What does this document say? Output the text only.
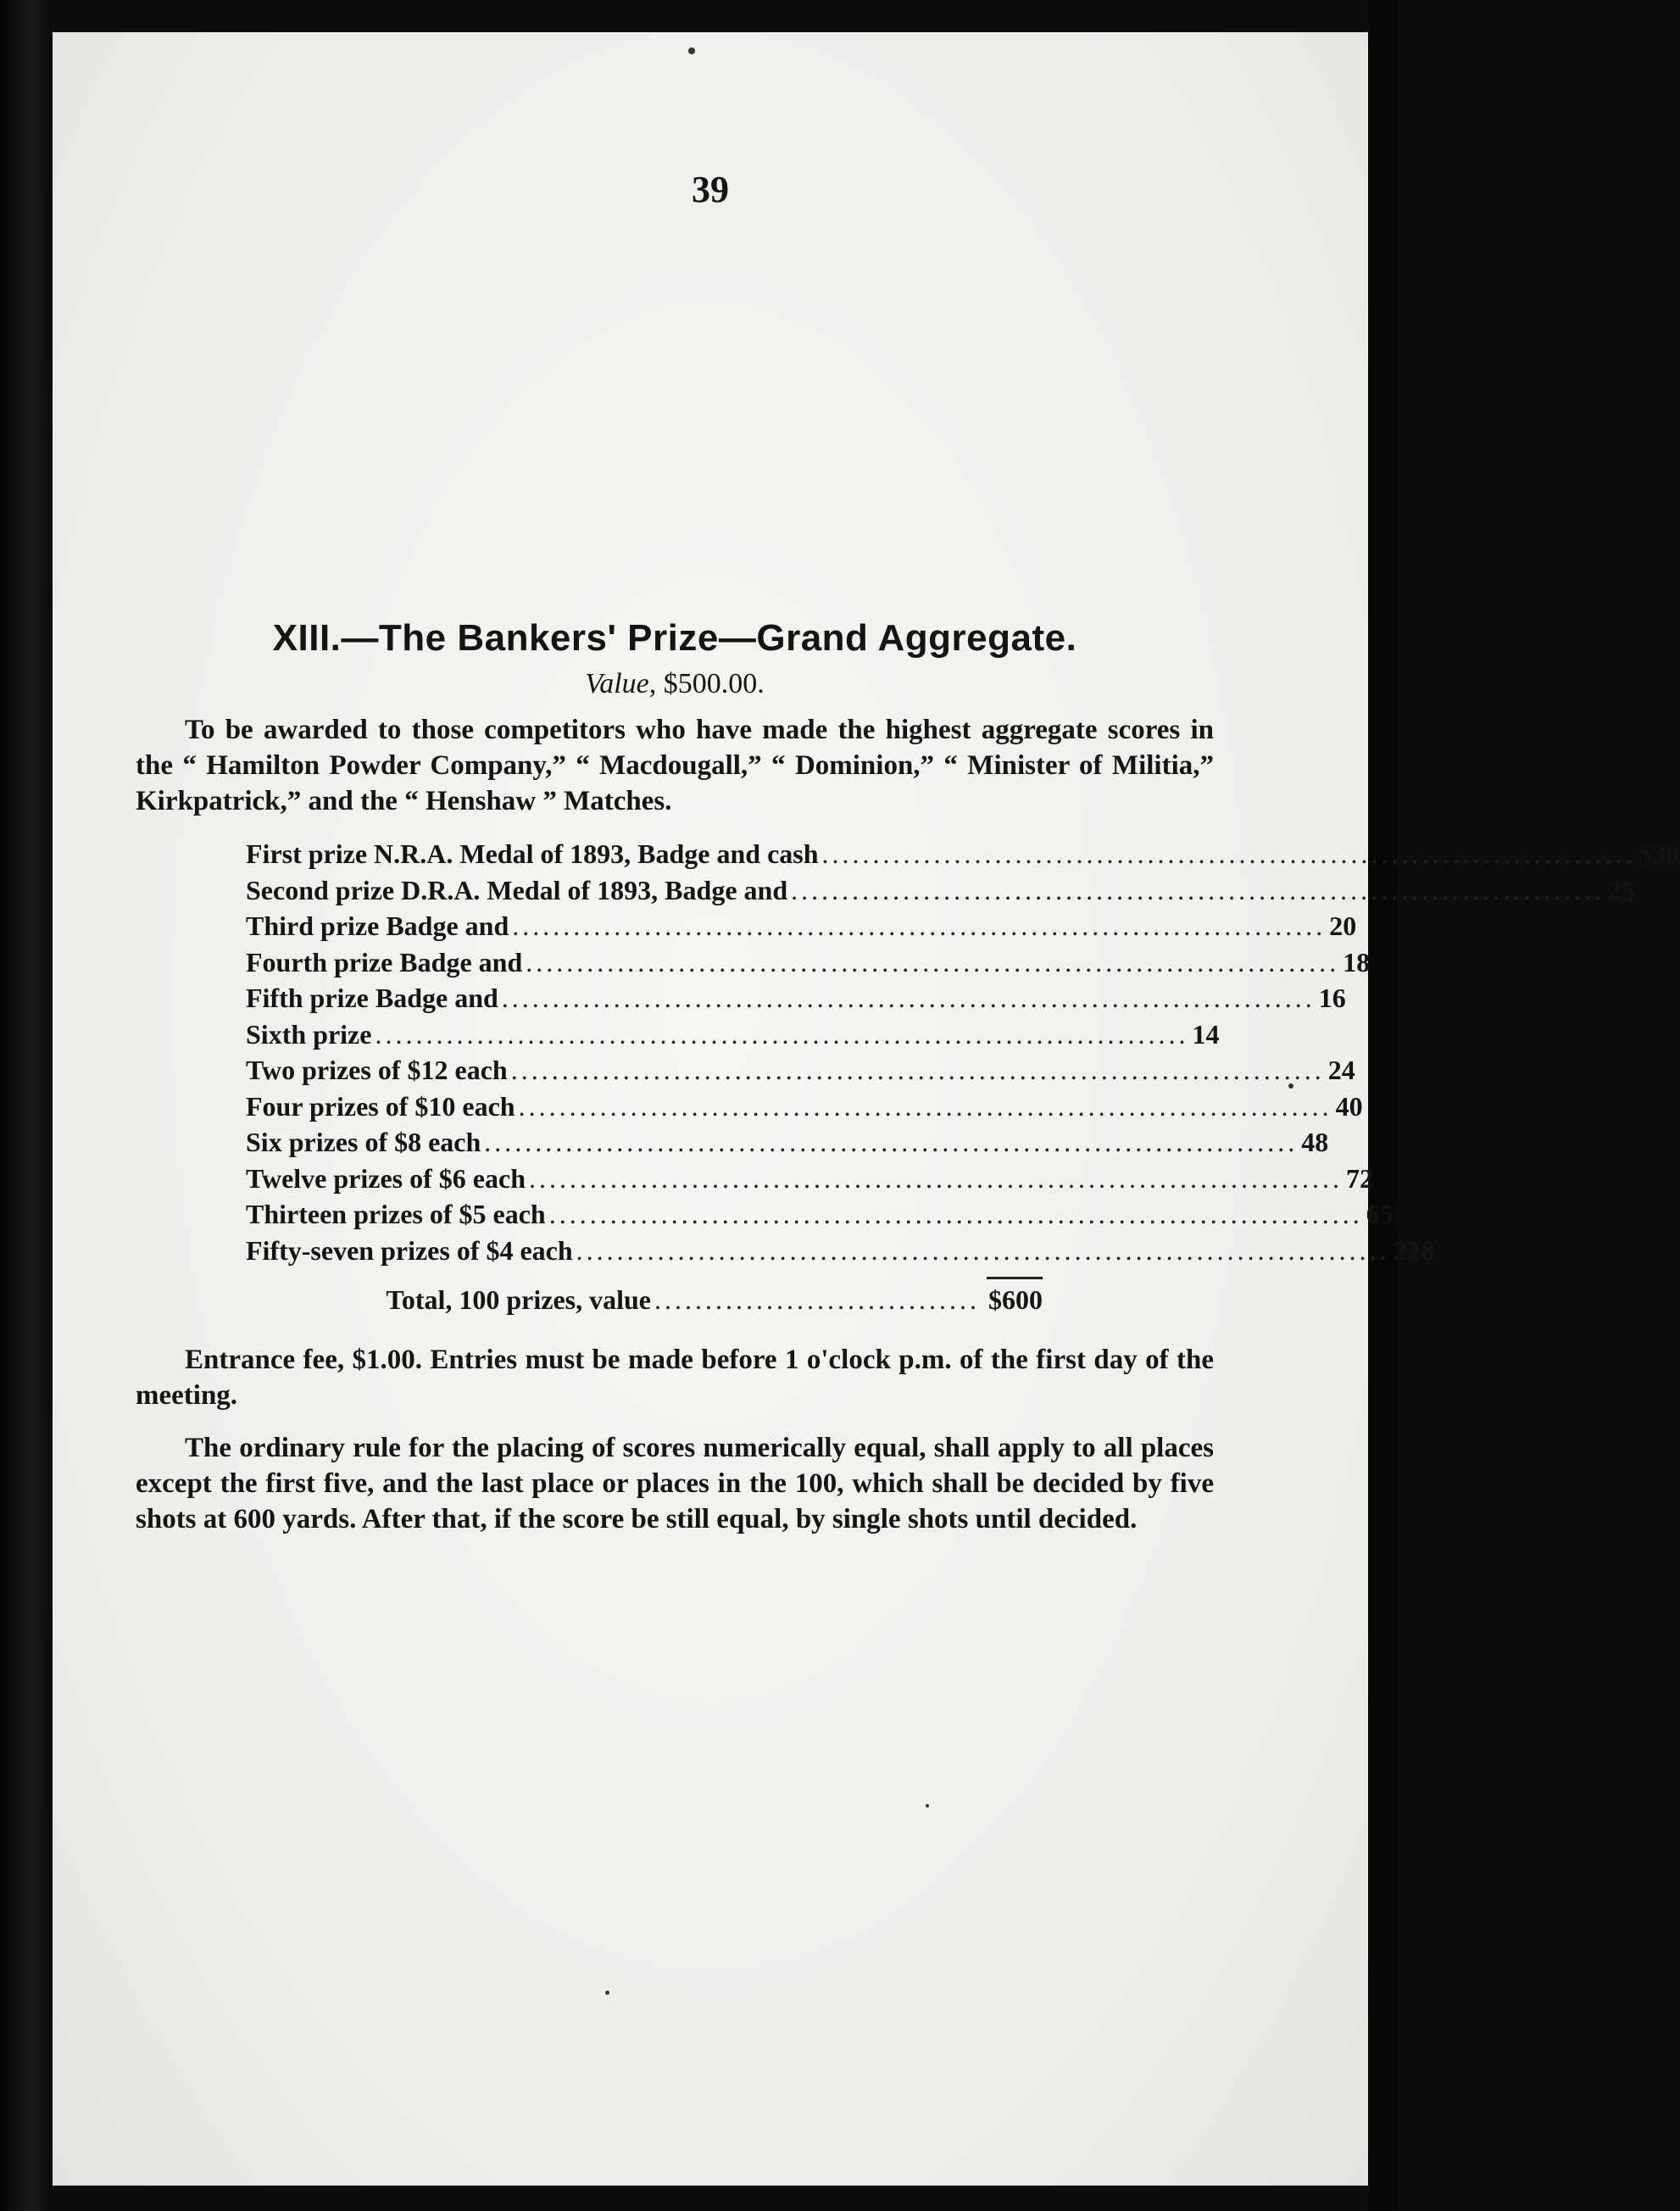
39
XIII.—The Bankers' Prize—Grand Aggregate.

Value, $500.00.

To be awarded to those competitors who have made the highest aggregate scores in the “ Hamilton Powder Company,” “ Macdougall,” “ Dominion,” “ Minister of Militia,” Kirkpatrick,” and the “ Henshaw ” Matches.

First prize N.R.A. Medal of 1893, Badge and cash ................................................................................ $30
Second prize D.R.A. Medal of 1893, Badge and ................................................................................ 25
Third prize Badge and ................................................................................ 20
Fourth prize Badge and ................................................................................ 18
Fifth prize Badge and ................................................................................ 16
Sixth prize ................................................................................ 14
Two prizes of $12 each ................................................................................ 24
Four prizes of $10 each ................................................................................ 40
Six prizes of $8 each ................................................................................ 48
Twelve prizes of $6 each ................................................................................ 72
Thirteen prizes of $5 each ................................................................................ 65
Fifty-seven prizes of $4 each ................................................................................ 228
Total, 100 prizes, value ................................ $600

Entrance fee, $1.00. Entries must be made before 1 o'clock p.m. of the first day of the meeting.

The ordinary rule for the placing of scores numerically equal, shall apply to all places except the first five, and the last place or places in the 100, which shall be decided by five shots at 600 yards. After that, if the score be still equal, by single shots until decided.
